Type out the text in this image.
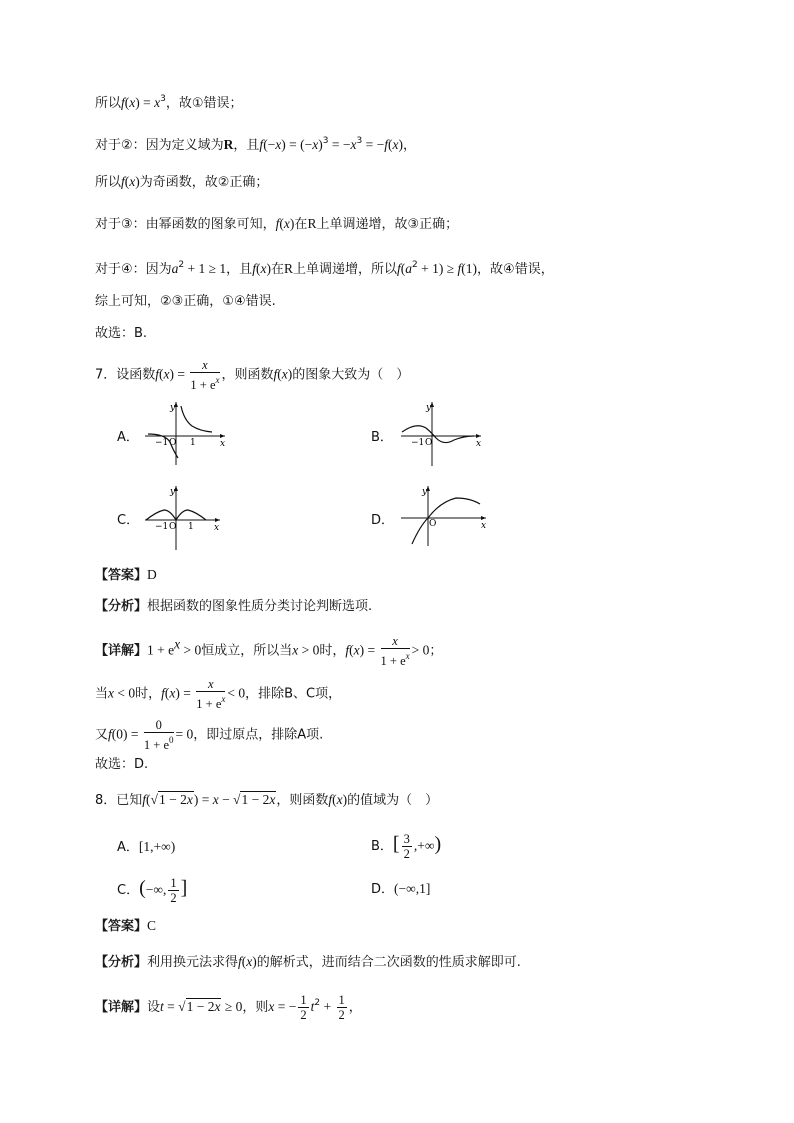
所以$f(x) = x^3$，故①错误；
对于②：因为定义域为R，且$f(-x) = (-x)^3 = -x^3 = -f(x)$，
所以f(x)为奇函数，故②正确；
对于③：由幂函数的图象可知，f(x)在R上单调递增，故③正确；
对于④：因为$a^2 + 1 \ge 1$，且f(x)在R上单调递增，所以$f(a^2 + 1) \ge f(1)$，故④错误，
综上可知，②③正确，①④错误.
故选：B.
7．设函数$f(x) = \frac{x}{1 + e^x}$ ，则函数f(x)的图象大致为（　）
A．
y
x
−1 O 1	B．
y
x
−1 O
C．
y
x
−1 O 1	D．
y
x
O
【答案】D
【分析】根据函数的图象性质分类讨论判断选项.
【详解】$1 + e^x > 0$恒成立，所以当x > 0时，$f(x) = \frac{x}{1 + e^x} > 0$；
当x < 0时，$f(x) = \frac{x}{1 + e^x} < 0$，排除B、C项，
又$f(0) = \frac{0}{1 + e^0} = 0$，即过原点，排除A项.
故选：D.
8．已知f(√1 − 2x) = x − √1 − 2x，则函数f(x)的值域为（　）
A．[1,+∞)	B．[ $\frac{3}{2}$ ,+∞)
C．(−∞, $\frac{1}{2}$ ]	D．(−∞,1]
【答案】C
【分析】利用换元法求得f(x)的解析式，进而结合二次函数的性质求解即可.
【详解】设t = √1 − 2x ≥ 0，则x = − $\frac{1}{2} t^2 + \frac{1}{2}$ ，
